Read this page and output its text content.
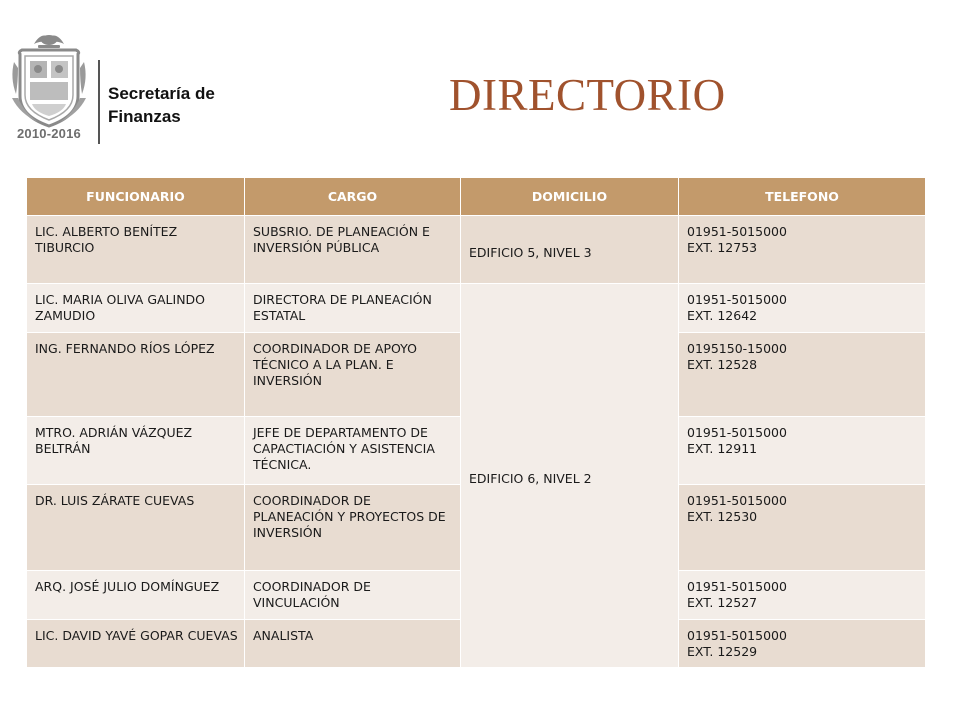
2010-2016
Secretaría de
Finanzas	DIRECTORIO
FUNCIONARIO	CARGO	DOMICILIO	TELEFONO
LIC. ALBERTO BENÍTEZ TIBURCIO	SUBSRIO. DE PLANEACIÓN E INVERSIÓN PÚBLICA	EDIFICIO 5, NIVEL 3	01951-5015000
EXT. 12753

LIC. MARIA OLIVA GALINDO ZAMUDIO	DIRECTORA DE PLANEACIÓN ESTATAL	EDIFICIO 6, NIVEL 2	01951-5015000
EXT. 12642

ING. FERNANDO RÍOS LÓPEZ	COORDINADOR DE APOYO TÉCNICO A LA PLAN. E INVERSIÓN		0195150-15000
EXT. 12528

MTRO. ADRIÁN VÁZQUEZ BELTRÁN	JEFE DE DEPARTAMENTO DE CAPACTIACIÓN Y ASISTENCIA TÉCNICA.		01951-5015000
EXT. 12911

DR. LUIS ZÁRATE CUEVAS	COORDINADOR DE PLANEACIÓN Y PROYECTOS DE INVERSIÓN		01951-5015000
EXT. 12530

ARQ. JOSÉ JULIO DOMÍNGUEZ	COORDINADOR DE VINCULACIÓN		01951-5015000
EXT. 12527

LIC. DAVID YAVÉ GOPAR CUEVAS	ANALISTA		01951-5015000
EXT. 12529
